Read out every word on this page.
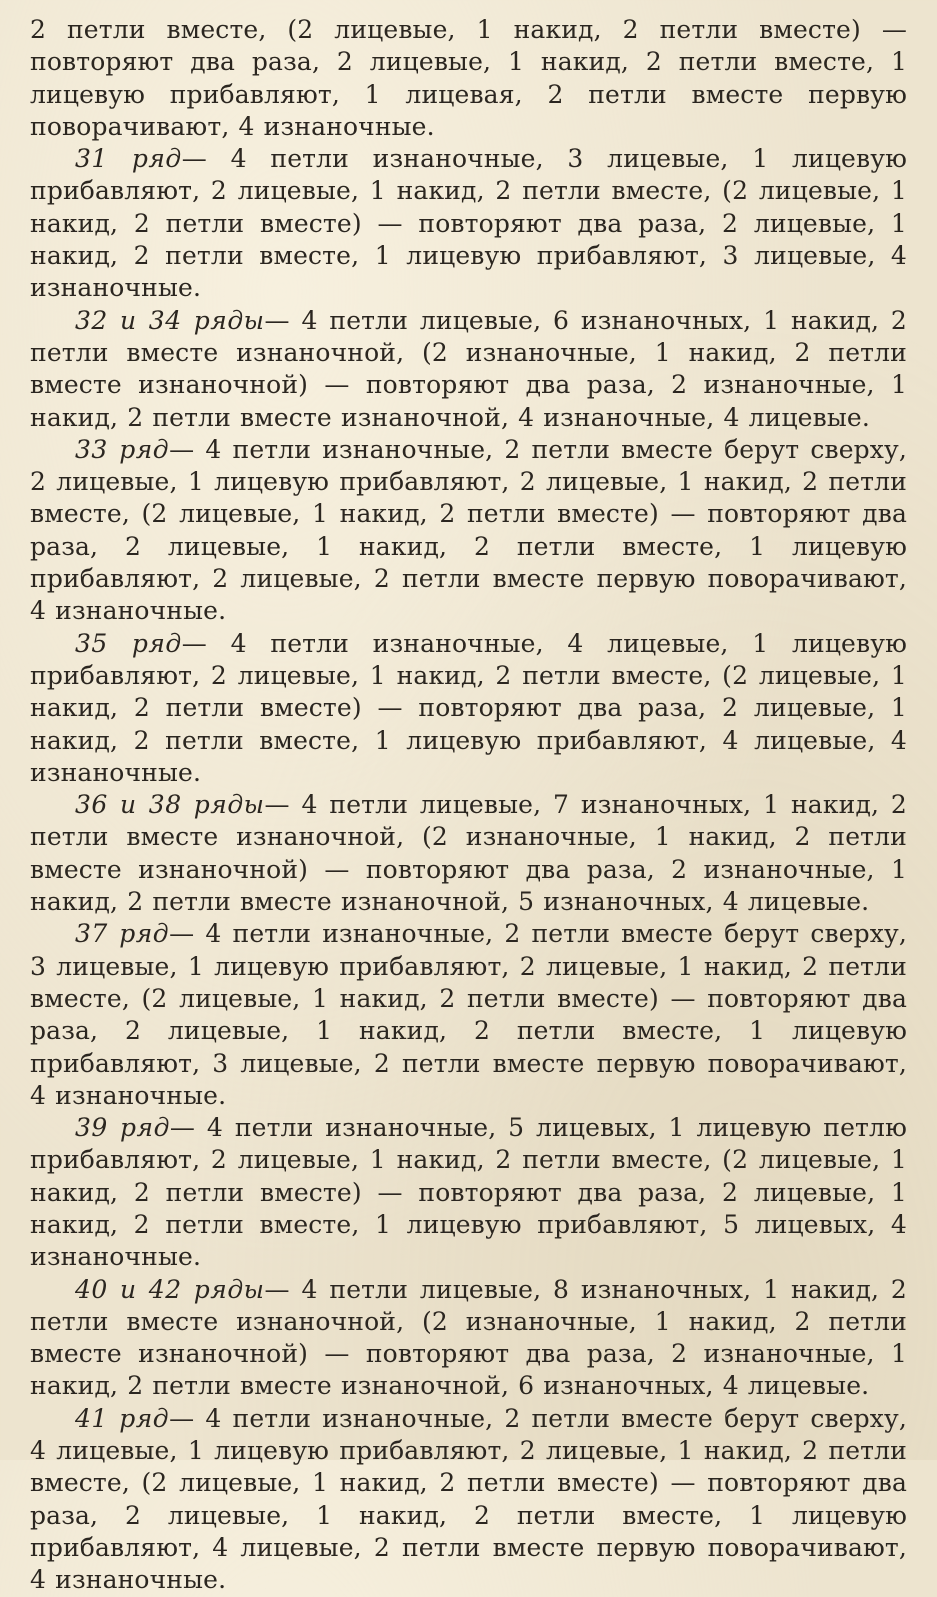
2 петли вместе, (2 лицевые, 1 накид, 2 петли вместе) — повторяют два раза, 2 лицевые, 1 накид, 2 петли вместе, 1 лицевую прибавляют, 1 лицевая, 2 петли вместе первую поворачивают, 4 изнаночные.

31 ряд— 4 петли изнаночные, 3 лицевые, 1 лицевую прибавляют, 2 лицевые, 1 накид, 2 петли вместе, (2 лицевые, 1 накид, 2 петли вместе) — повторяют два раза, 2 лицевые, 1 накид, 2 петли вместе, 1 лицевую прибавляют, 3 лицевые, 4 изнаночные.

32 и 34 ряды— 4 петли лицевые, 6 изнаночных, 1 накид, 2 петли вместе изнаночной, (2 изнаночные, 1 накид, 2 петли вместе изнаночной) — повторяют два раза, 2 изнаночные, 1 накид, 2 петли вместе изнаночной, 4 изнаночные, 4 лицевые.

33 ряд— 4 петли изнаночные, 2 петли вместе берут сверху, 2 лицевые, 1 лицевую прибавляют, 2 лицевые, 1 накид, 2 петли вместе, (2 лицевые, 1 накид, 2 петли вместе) — повторяют два раза, 2 лицевые, 1 накид, 2 петли вместе, 1 лицевую прибавляют, 2 лицевые, 2 петли вместе первую поворачивают, 4 изнаночные.

35 ряд— 4 петли изнаночные, 4 лицевые, 1 лицевую прибавляют, 2 лицевые, 1 накид, 2 петли вместе, (2 лицевые, 1 накид, 2 петли вместе) — повторяют два раза, 2 лицевые, 1 накид, 2 петли вместе, 1 лицевую прибавляют, 4 лицевые, 4 изнаночные.

36 и 38 ряды— 4 петли лицевые, 7 изнаночных, 1 накид, 2 петли вместе изнаночной, (2 изнаночные, 1 накид, 2 петли вместе изнаночной) — повторяют два раза, 2 изнаночные, 1 накид, 2 петли вместе изнаночной, 5 изнаночных, 4 лицевые.

37 ряд— 4 петли изнаночные, 2 петли вместе берут сверху, 3 лицевые, 1 лицевую прибавляют, 2 лицевые, 1 накид, 2 петли вместе, (2 лицевые, 1 накид, 2 петли вместе) — повторяют два раза, 2 лицевые, 1 накид, 2 петли вместе, 1 лицевую прибавляют, 3 лицевые, 2 петли вместе первую поворачивают, 4 изнаночные.

39 ряд— 4 петли изнаночные, 5 лицевых, 1 лицевую петлю прибавляют, 2 лицевые, 1 накид, 2 петли вместе, (2 лицевые, 1 накид, 2 петли вместе) — повторяют два раза, 2 лицевые, 1 накид, 2 петли вместе, 1 лицевую прибавляют, 5 лицевых, 4 изнаночные.

40 и 42 ряды— 4 петли лицевые, 8 изнаночных, 1 накид, 2 петли вместе изнаночной, (2 изнаночные, 1 накид, 2 петли вместе изнаночной) — повторяют два раза, 2 изнаночные, 1 накид, 2 петли вместе изнаночной, 6 изнаночных, 4 лицевые.

41 ряд— 4 петли изнаночные, 2 петли вместе берут сверху, 4 лицевые, 1 лицевую прибавляют, 2 лицевые, 1 накид, 2 петли вместе, (2 лицевые, 1 накид, 2 петли вместе) — повторяют два раза, 2 лицевые, 1 накид, 2 петли вместе, 1 лицевую прибавляют, 4 лицевые, 2 петли вместе первую поворачивают, 4 изнаночные.
